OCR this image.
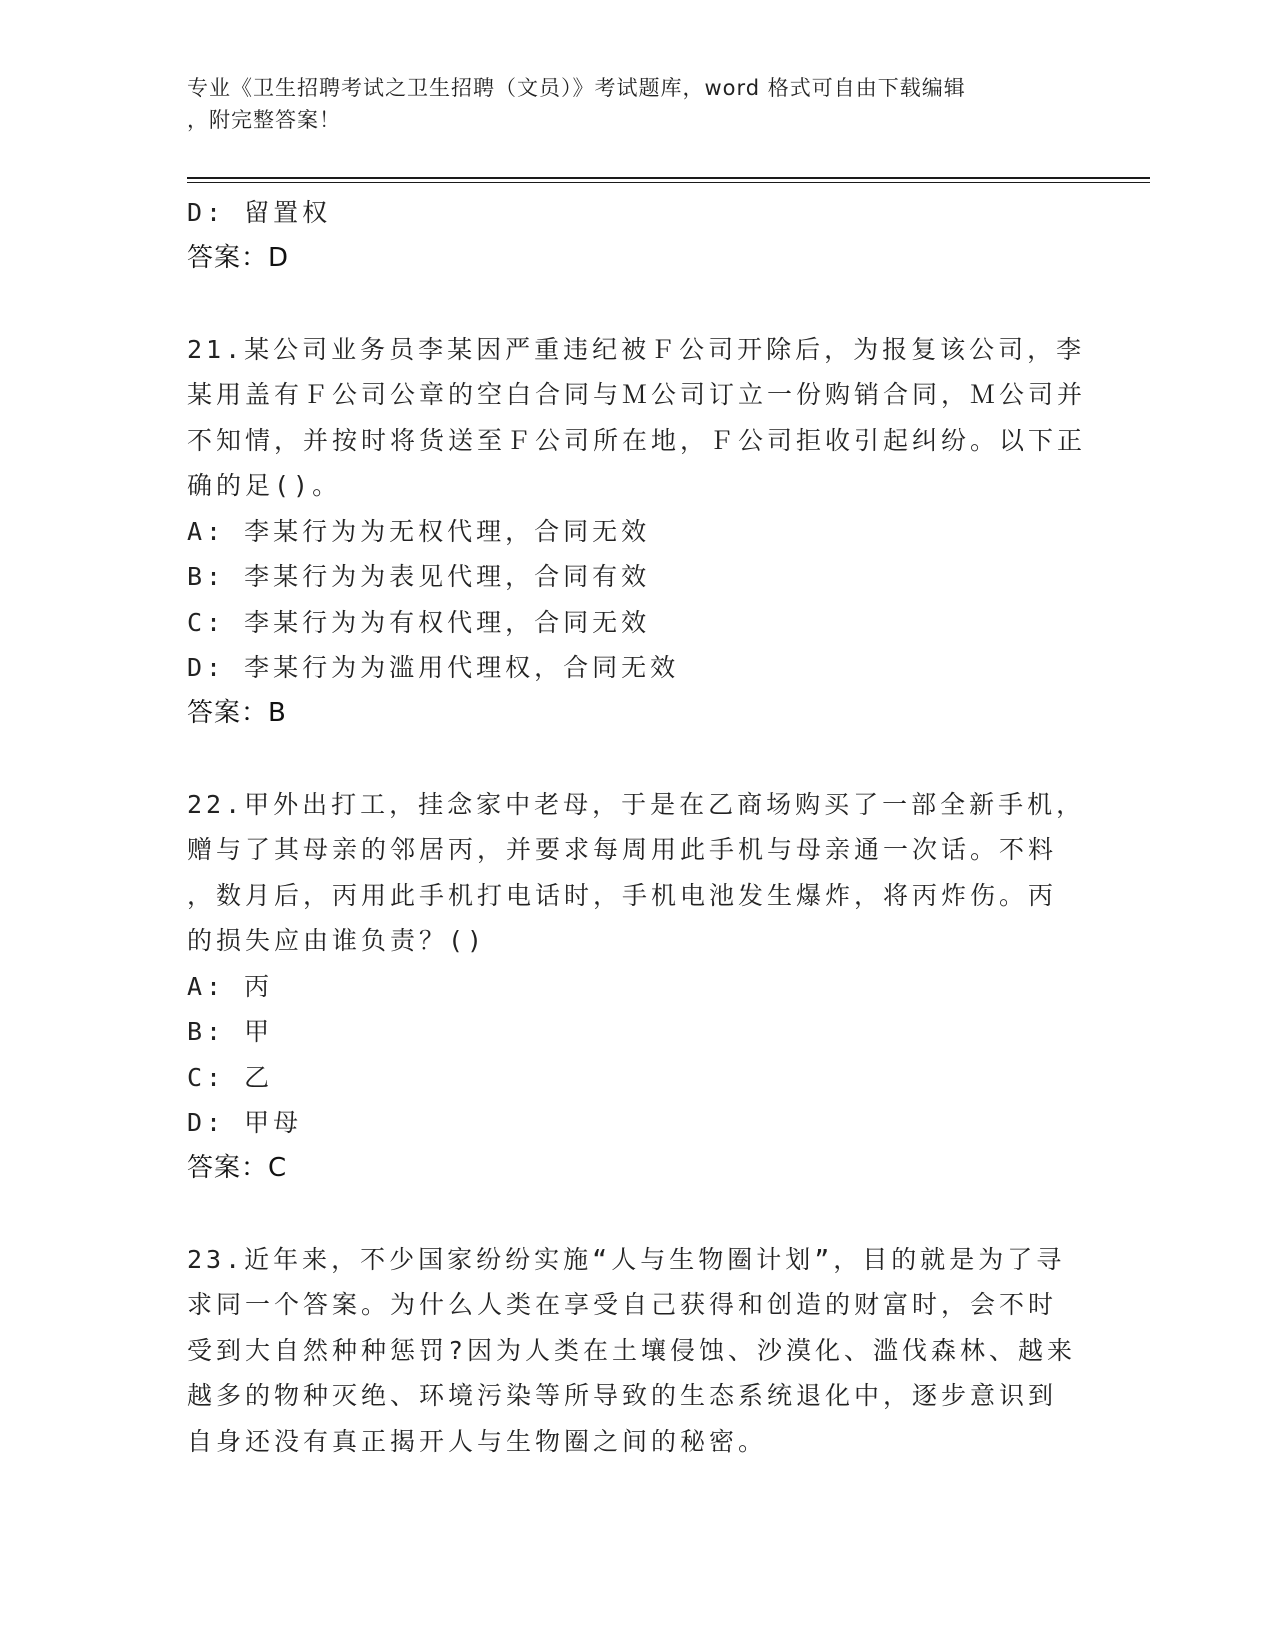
专业《卫生招聘考试之卫生招聘（文员）》考试题库，word 格式可自由下载编辑
，附完整答案！

D: 留置权

答案：D

21.某公司业务员李某因严重违纪被Ｆ公司开除后，为报复该公司，李

某用盖有Ｆ公司公章的空白合同与Ｍ公司订立一份购销合同，Ｍ公司并

不知情，并按时将货送至Ｆ公司所在地，Ｆ公司拒收引起纠纷。以下正

确的足()。

A: 李某行为为无权代理，合同无效

B: 李某行为为表见代理，合同有效

C: 李某行为为有权代理，合同无效

D: 李某行为为滥用代理权，合同无效

答案：B

22.甲外出打工，挂念家中老母，于是在乙商场购买了一部全新手机，

赠与了其母亲的邻居丙，并要求每周用此手机与母亲通一次话。不料

，数月后，丙用此手机打电话时，手机电池发生爆炸，将丙炸伤。丙

的损失应由谁负责？()

A: 丙

B: 甲

C: 乙

D: 甲母

答案：C

23.近年来，不少国家纷纷实施“人与生物圈计划”，目的就是为了寻

求同一个答案。为什么人类在享受自己获得和创造的财富时，会不时

受到大自然种种惩罚?因为人类在土壤侵蚀、沙漠化、滥伐森林、越来

越多的物种灭绝、环境污染等所导致的生态系统退化中，逐步意识到

自身还没有真正揭开人与生物圈之间的秘密。
